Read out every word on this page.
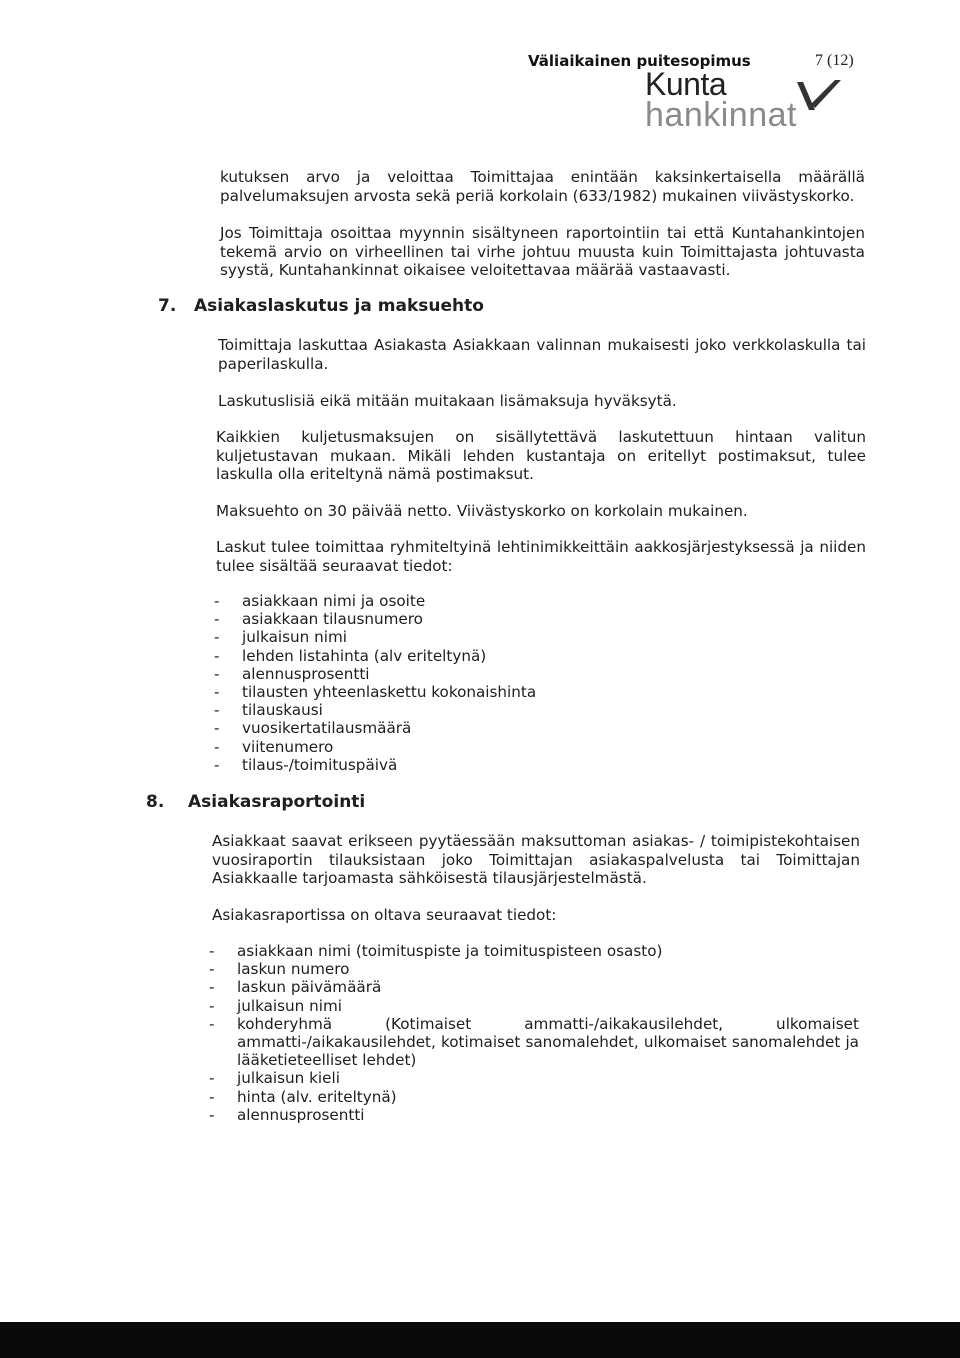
Väliaikainen puitesopimus	7 (12)
Kunta
hankinnat

kutuksen arvo ja veloittaa Toimittajaa enintään kaksinkertaisella määrällä palvelumaksujen arvosta sekä periä korkolain (633/1982) mukainen viivästyskorko.

Jos Toimittaja osoittaa myynnin sisältyneen raportointiin tai että Kuntahankintojen tekemä arvio on virheellinen tai virhe johtuu muusta kuin Toimittajasta johtuvasta syystä, Kuntahankinnat oikaisee veloitettavaa määrää vastaavasti.

7. Asiakaslaskutus ja maksuehto

Toimittaja laskuttaa Asiakasta Asiakkaan valinnan mukaisesti joko verkkolaskulla tai paperilaskulla.

Laskutuslisiä eikä mitään muitakaan lisämaksuja hyväksytä.

Kaikkien kuljetusmaksujen on sisällytettävä laskutettuun hintaan valitun kuljetustavan mukaan. Mikäli lehden kustantaja on eritellyt postimaksut, tulee laskulla olla eriteltynä nämä postimaksut.

Maksuehto on 30 päivää netto. Viivästyskorko on korkolain mukainen.

Laskut tulee toimittaa ryhmiteltyinä lehtinimikkeittäin aakkosjärjestyksessä ja niiden tulee sisältää seuraavat tiedot:

- asiakkaan nimi ja osoite
- asiakkaan tilausnumero
- julkaisun nimi
- lehden listahinta (alv eriteltynä)
- alennusprosentti
- tilausten yhteenlaskettu kokonaishinta
- tilauskausi
- vuosikertatilausmäärä
- viitenumero
- tilaus-/toimituspäivä
8. Asiakasraportointi

Asiakkaat saavat erikseen pyytäessään maksuttoman asiakas- / toimipistekohtaisen vuosiraportin tilauksistaan joko Toimittajan asiakaspalvelusta tai Toimittajan Asiakkaalle tarjoamasta sähköisestä tilausjärjestelmästä.

Asiakasraportissa on oltava seuraavat tiedot:

- asiakkaan nimi (toimituspiste ja toimituspisteen osasto)
- laskun numero
- laskun päivämäärä
- julkaisun nimi
- kohderyhmä (Kotimaiset ammatti-/aikakausilehdet, ulkomaiset ammatti-/aikakausilehdet, kotimaiset sanomalehdet, ulkomaiset sanomalehdet ja lääketieteelliset lehdet)
- julkaisun kieli
- hinta (alv. eriteltynä)
- alennusprosentti
